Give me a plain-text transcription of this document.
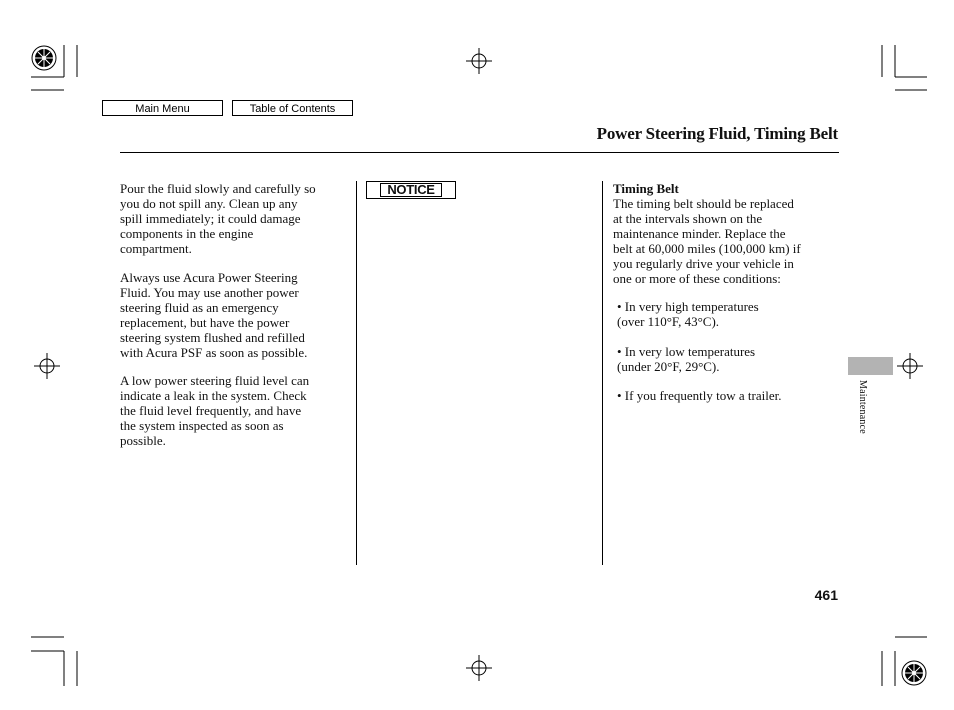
Main Menu	Table of Contents
Power Steering Fluid, Timing Belt
Pour the fluid slowly and carefully so
you do not spill any. Clean up any
spill immediately; it could damage
components in the engine
compartment.
Always use Acura Power Steering
Fluid. You may use another power
steering fluid as an emergency
replacement, but have the power
steering system flushed and refilled
with Acura PSF as soon as possible.
A low power steering fluid level can
indicate a leak in the system. Check
the fluid level frequently, and have
the system inspected as soon as
possible.
NOTICE	Timing Belt
The timing belt should be replaced
at the intervals shown on the
maintenance minder. Replace the
belt at 60,000 miles (100,000 km) if
you regularly drive your vehicle in
one or more of these conditions:
• In very high temperatures
(over 110°F, 43°C).
• In very low temperatures
(under 20°F, 29°C).
• If you frequently tow a trailer.	Maintenance
461
